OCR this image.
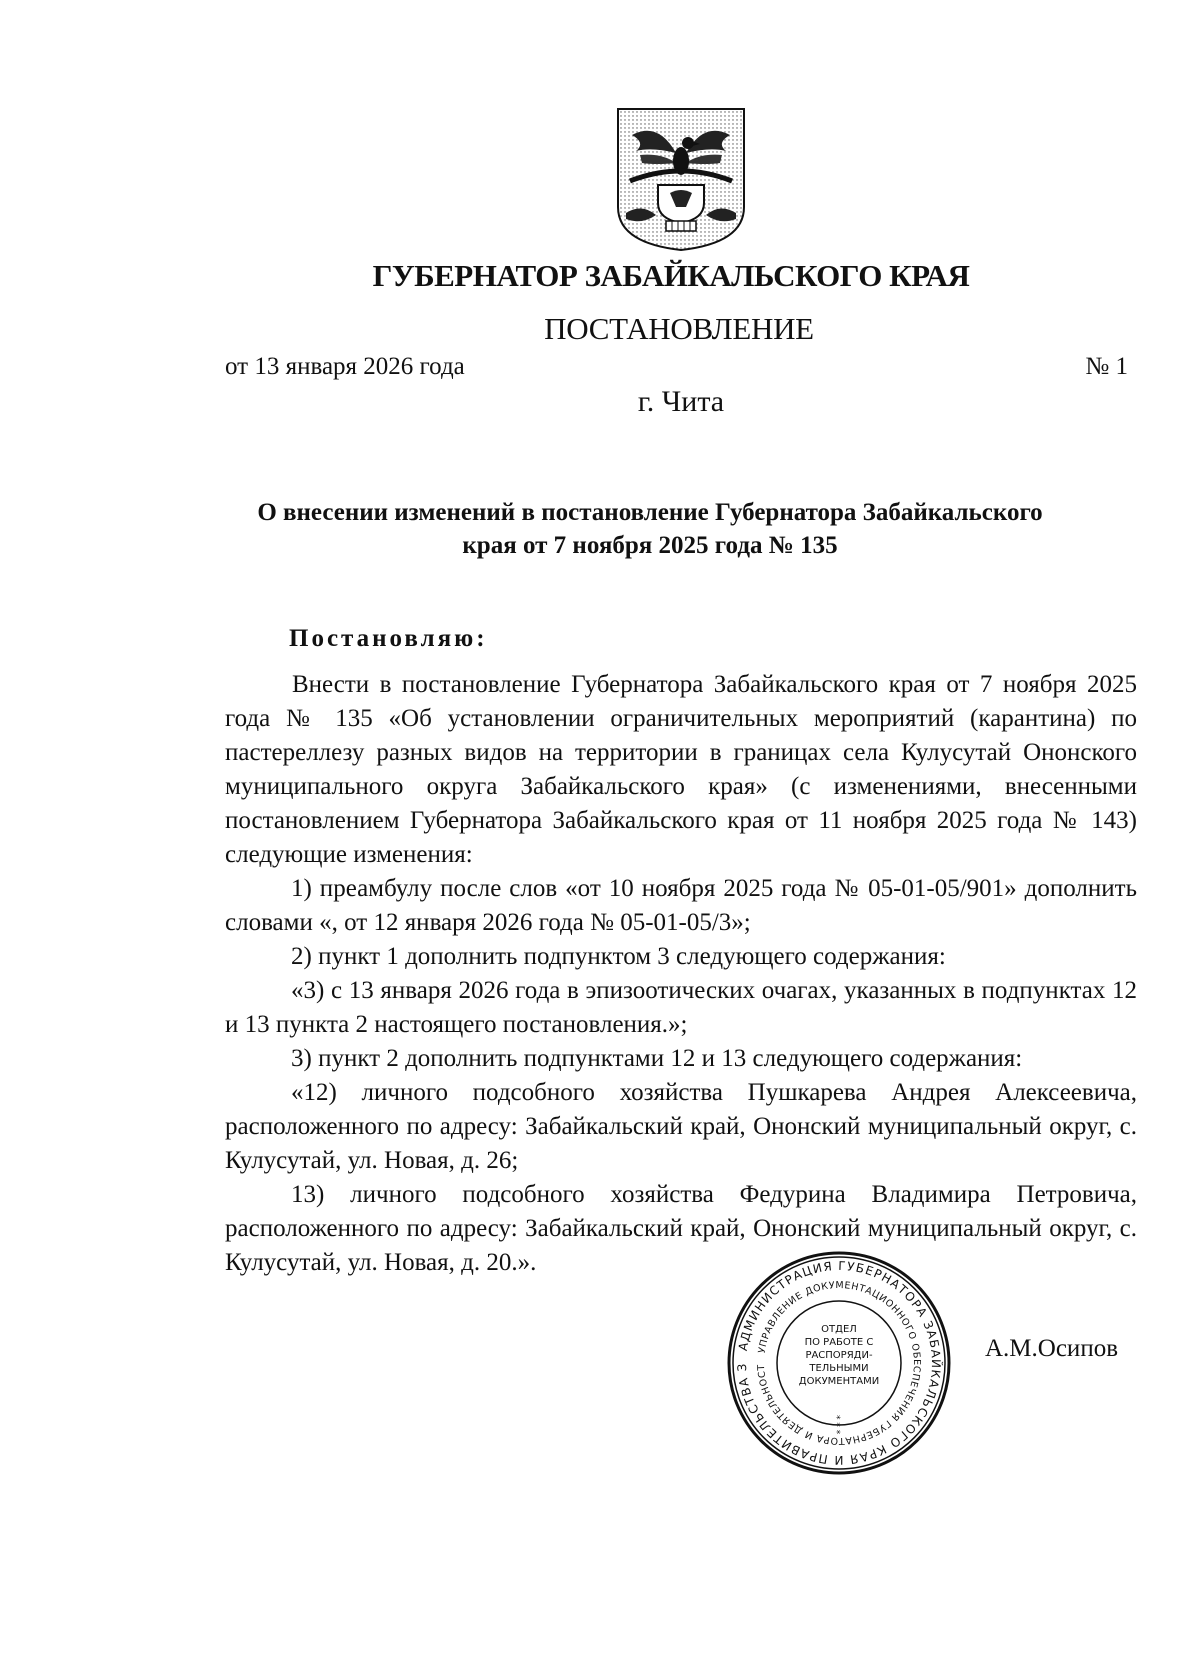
ГУБЕРНАТОР ЗАБАЙКАЛЬСКОГО КРАЯ
ПОСТАНОВЛЕНИЕ
от 13 января 2026 года	№ 1
г. Чита
О внесении изменений в постановление Губернатора Забайкальского
края от 7 ноября 2025 года № 135
Постановляю:

Внести в постановление Губернатора Забайкальского края от 7 ноября 2025 года № 135 «Об установлении ограничительных мероприятий (карантина) по пастереллезу разных видов на территории в границах села Кулусутай Ононского муниципального округа Забайкальского края» (с изменениями, внесенными постановлением Губернатора Забайкальского края от 11 ноября 2025 года № 143) следующие изменения:

1) преамбулу после слов «от 10 ноября 2025 года № 05-01-05/901» дополнить словами «, от 12 января 2026 года № 05-01-05/3»;

2) пункт 1 дополнить подпунктом 3 следующего содержания:

«3) с 13 января 2026 года в эпизоотических очагах, указанных в подпунктах 12 и 13 пункта 2 настоящего постановления.»;

3) пункт 2 дополнить подпунктами 12 и 13 следующего содержания:

«12) личного подсобного хозяйства Пушкарева Андрея Алексеевича, расположенного по адресу: Забайкальский край, Ононский муниципальный округ, с. Кулусутай, ул. Новая, д. 26;

13) личного подсобного хозяйства Федурина Владимира Петровича, расположенного по адресу: Забайкальский край, Ононский муниципальный округ, с. Кулусутай, ул. Новая, д. 20.».

АДМИНИСТРАЦИЯ ГУБЕРНАТОРА ЗАБАЙКАЛЬСКОГО КРАЯ И ПРАВИТЕЛЬСТВА З
УПРАВЛЕНИЕ ДОКУМЕНТАЦИОННОГО ОБЕСПЕЧЕНИЯ ГУБЕРНАТОРА И ДЕЯТЕЛЬНОСТ
ОТДЕЛ
ПО РАБОТЕ С
РАСПОРЯДИ-
ТЕЛЬНЫМИ
ДОКУМЕНТАМИ
* * *
А.М.Осипов
